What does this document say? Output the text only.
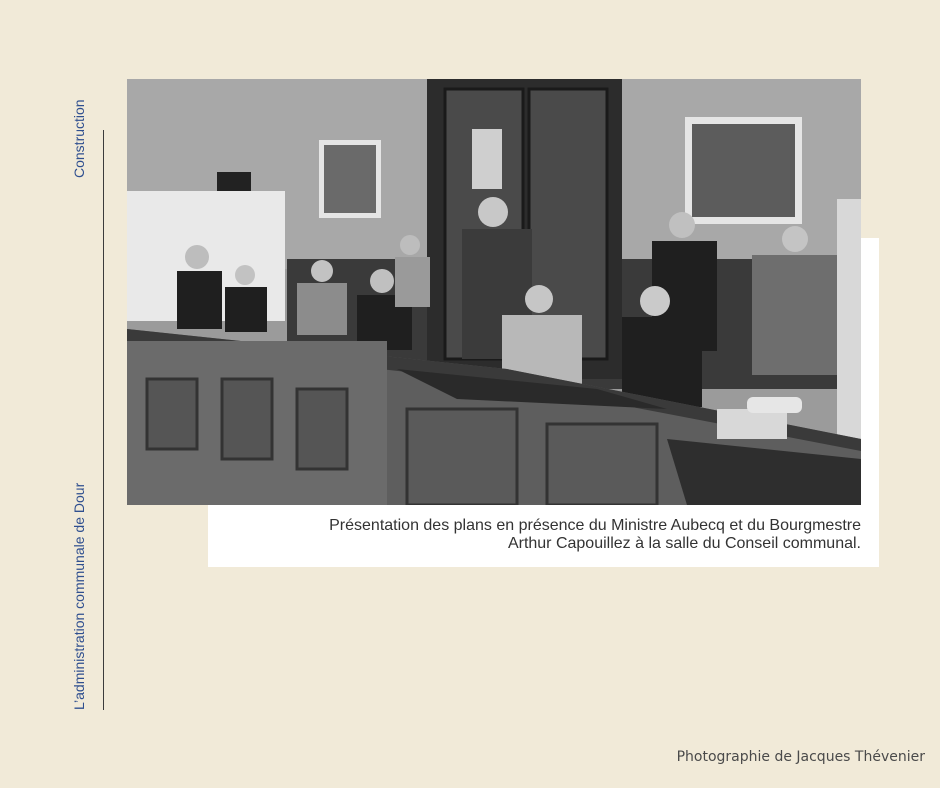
Construction
L’administration communale de Dour	Présentation des plans en présence du Ministre Aubecq et du Bourgmestre
Arthur Capouillez à la salle du Conseil communal.
Photographie de Jacques Thévenier
